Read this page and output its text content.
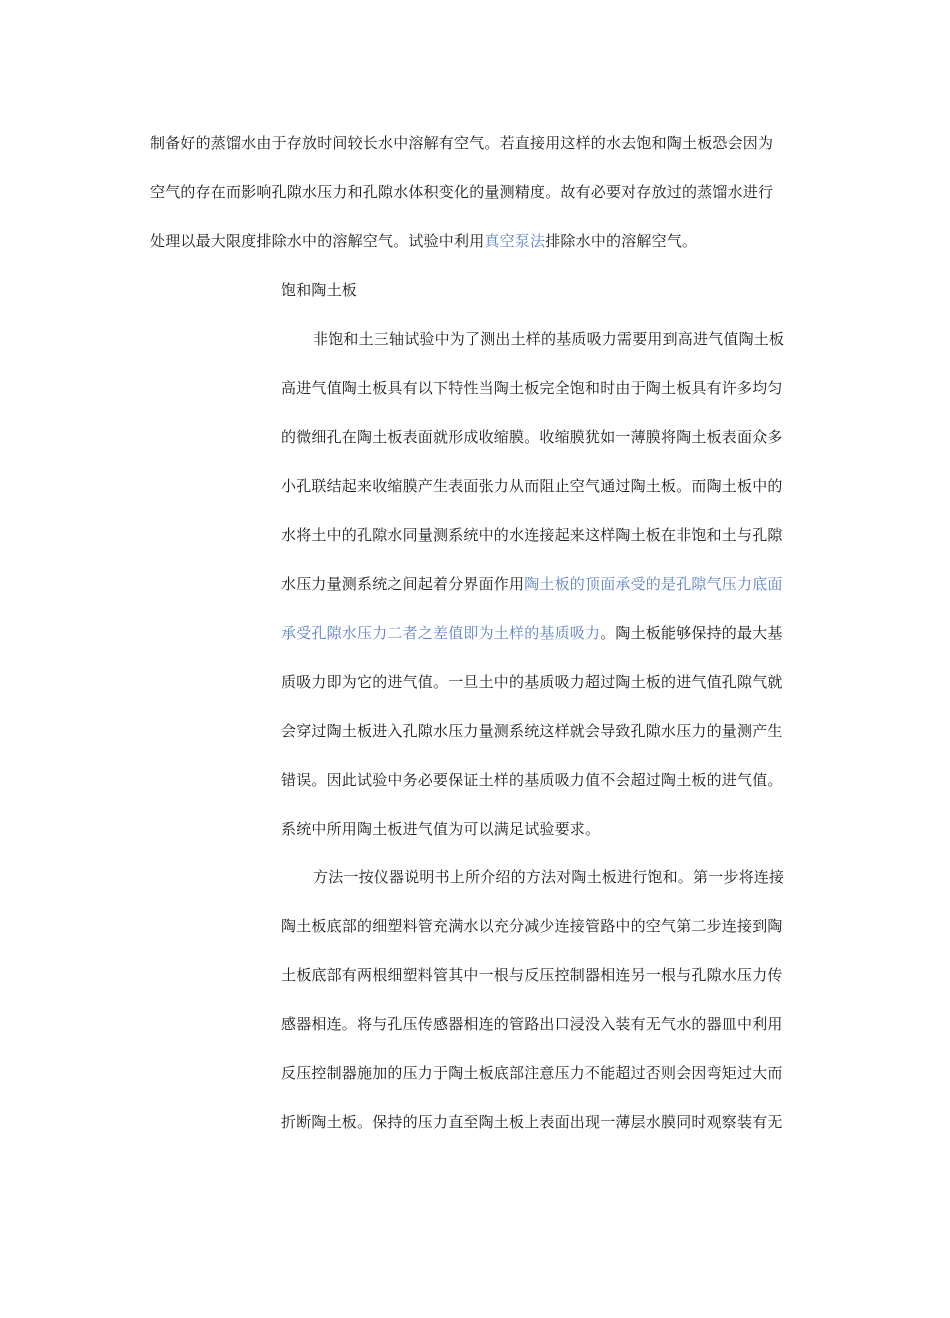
制备好的蒸馏水由于存放时间较长水中溶解有空气。若直接用这样的水去饱和陶土板恐会因为
空气的存在而影响孔隙水压力和孔隙水体积变化的量测精度。故有必要对存放过的蒸馏水进行
处理以最大限度排除水中的溶解空气。试验中利用真空泵法排除水中的溶解空气。
饱和陶土板
非饱和土三轴试验中为了测出土样的基质吸力需要用到高进气值陶土板
高进气值陶土板具有以下特性当陶土板完全饱和时由于陶土板具有许多均匀
的微细孔在陶土板表面就形成收缩膜。收缩膜犹如一薄膜将陶土板表面众多
小孔联结起来收缩膜产生表面张力从而阻止空气通过陶土板。而陶土板中的
水将土中的孔隙水同量测系统中的水连接起来这样陶土板在非饱和土与孔隙
水压力量测系统之间起着分界面作用陶土板的顶面承受的是孔隙气压力底面
承受孔隙水压力二者之差值即为土样的基质吸力。陶土板能够保持的最大基
质吸力即为它的进气值。一旦土中的基质吸力超过陶土板的进气值孔隙气就
会穿过陶土板进入孔隙水压力量测系统这样就会导致孔隙水压力的量测产生
错误。因此试验中务必要保证土样的基质吸力值不会超过陶土板的进气值。
系统中所用陶土板进气值为可以满足试验要求。
方法一按仪器说明书上所介绍的方法对陶土板进行饱和。第一步将连接
陶土板底部的细塑料管充满水以充分减少连接管路中的空气第二步连接到陶
土板底部有两根细塑料管其中一根与反压控制器相连另一根与孔隙水压力传
感器相连。将与孔压传感器相连的管路出口浸没入装有无气水的器皿中利用
反压控制器施加的压力于陶土板底部注意压力不能超过否则会因弯矩过大而
折断陶土板。保持的压力直至陶土板上表面出现一薄层水膜同时观察装有无
